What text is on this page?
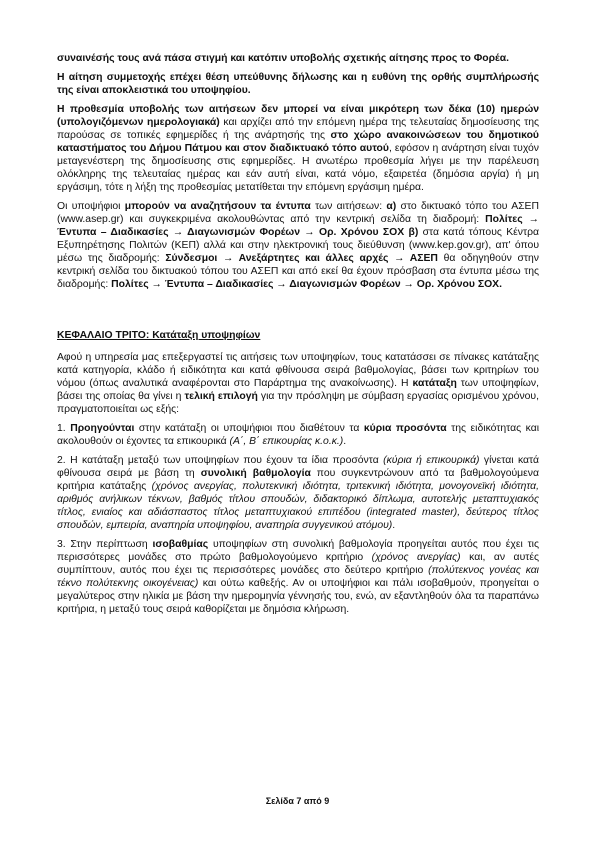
συναινέσής τους ανά πάσα στιγμή και κατόπιν υποβολής σχετικής αίτησης προς το Φορέα.

Η αίτηση συμμετοχής επέχει θέση υπεύθυνης δήλωσης και η ευθύνη της ορθής συμπλήρωσής της είναι αποκλειστικά του υποψηφίου.

Η προθεσμία υποβολής των αιτήσεων δεν μπορεί να είναι μικρότερη των δέκα (10) ημερών (υπολογιζόμενων ημερολογιακά) και αρχίζει από την επόμενη ημέρα της τελευταίας δημοσίευσης της παρούσας σε τοπικές εφημερίδες ή της ανάρτησής της στο χώρο ανακοινώσεων του δημοτικού καταστήματος του Δήμου Πάτμου και στον διαδικτυακό τόπο αυτού, εφόσον η ανάρτηση είναι τυχόν μεταγενέστερη της δημοσίευσης στις εφημερίδες. Η ανωτέρω προθεσμία λήγει με την παρέλευση ολόκληρης της τελευταίας ημέρας και εάν αυτή είναι, κατά νόμο, εξαιρετέα (δημόσια αργία) ή μη εργάσιμη, τότε η λήξη της προθεσμίας μετατίθεται την επόμενη εργάσιμη ημέρα.

Οι υποψήφιοι μπορούν να αναζητήσουν τα έντυπα των αιτήσεων: α) στο δικτυακό τόπο του ΑΣΕΠ (www.asep.gr) και συγκεκριμένα ακολουθώντας από την κεντρική σελίδα τη διαδρομή: Πολίτες → Έντυπα – Διαδικασίες → Διαγωνισμών Φορέων → Ορ. Χρόνου ΣΟΧ β) στα κατά τόπους Κέντρα Εξυπηρέτησης Πολιτών (ΚΕΠ) αλλά και στην ηλεκτρονική τους διεύθυνση (www.kep.gov.gr), απ' όπου μέσω της διαδρομής: Σύνδεσμοι → Ανεξάρτητες και άλλες αρχές → ΑΣΕΠ θα οδηγηθούν στην κεντρική σελίδα του δικτυακού τόπου του ΑΣΕΠ και από εκεί θα έχουν πρόσβαση στα έντυπα μέσω της διαδρομής: Πολίτες → Έντυπα – Διαδικασίες → Διαγωνισμών Φορέων → Ορ. Χρόνου ΣΟΧ.

ΚΕΦΑΛΑΙΟ ΤΡΙΤΟ: Κατάταξη υποψηφίων

Αφού η υπηρεσία μας επεξεργαστεί τις αιτήσεις των υποψηφίων, τους κατατάσσει σε πίνακες κατάταξης κατά κατηγορία, κλάδο ή ειδικότητα και κατά φθίνουσα σειρά βαθμολογίας, βάσει των κριτηρίων του νόμου (όπως αναλυτικά αναφέρονται στο Παράρτημα της ανακοίνωσης). Η κατάταξη των υποψηφίων, βάσει της οποίας θα γίνει η τελική επιλογή για την πρόσληψη με σύμβαση εργασίας ορισμένου χρόνου, πραγματοποιείται ως εξής:

1. Προηγούνται στην κατάταξη οι υποψήφιοι που διαθέτουν τα κύρια προσόντα της ειδικότητας και ακολουθούν οι έχοντες τα επικουρικά (Α΄, Β΄ επικουρίας κ.ο.κ.).

2. Η κατάταξη μεταξύ των υποψηφίων που έχουν τα ίδια προσόντα (κύρια ή επικουρικά) γίνεται κατά φθίνουσα σειρά με βάση τη συνολική βαθμολογία που συγκεντρώνουν από τα βαθμολογούμενα κριτήρια κατάταξης (χρόνος ανεργίας, πολυτεκνική ιδιότητα, τριτεκνική ιδιότητα, μονογονεϊκή ιδιότητα, αριθμός ανήλικων τέκνων, βαθμός τίτλου σπουδών, διδακτορικό δίπλωμα, αυτοτελής μεταπτυχιακός τίτλος, ενιαίος και αδιάσπαστος τίτλος μεταπτυχιακού επιπέδου (integrated master), δεύτερος τίτλος σπουδών, εμπειρία, αναπηρία υποψηφίου, αναπηρία συγγενικού ατόμου).

3. Στην περίπτωση ισοβαθμίας υποψηφίων στη συνολική βαθμολογία προηγείται αυτός που έχει τις περισσότερες μονάδες στο πρώτο βαθμολογούμενο κριτήριο (χρόνος ανεργίας) και, αν αυτές συμπίπτουν, αυτός που έχει τις περισσότερες μονάδες στο δεύτερο κριτήριο (πολύτεκνος γονέας και τέκνο πολύτεκνης οικογένειας) και ούτω καθεξής. Αν οι υποψήφιοι και πάλι ισοβαθμούν, προηγείται ο μεγαλύτερος στην ηλικία με βάση την ημερομηνία γέννησής του, ενώ, αν εξαντληθούν όλα τα παραπάνω κριτήρια, η μεταξύ τους σειρά καθορίζεται με δημόσια κλήρωση.

Σελίδα 7 από 9
